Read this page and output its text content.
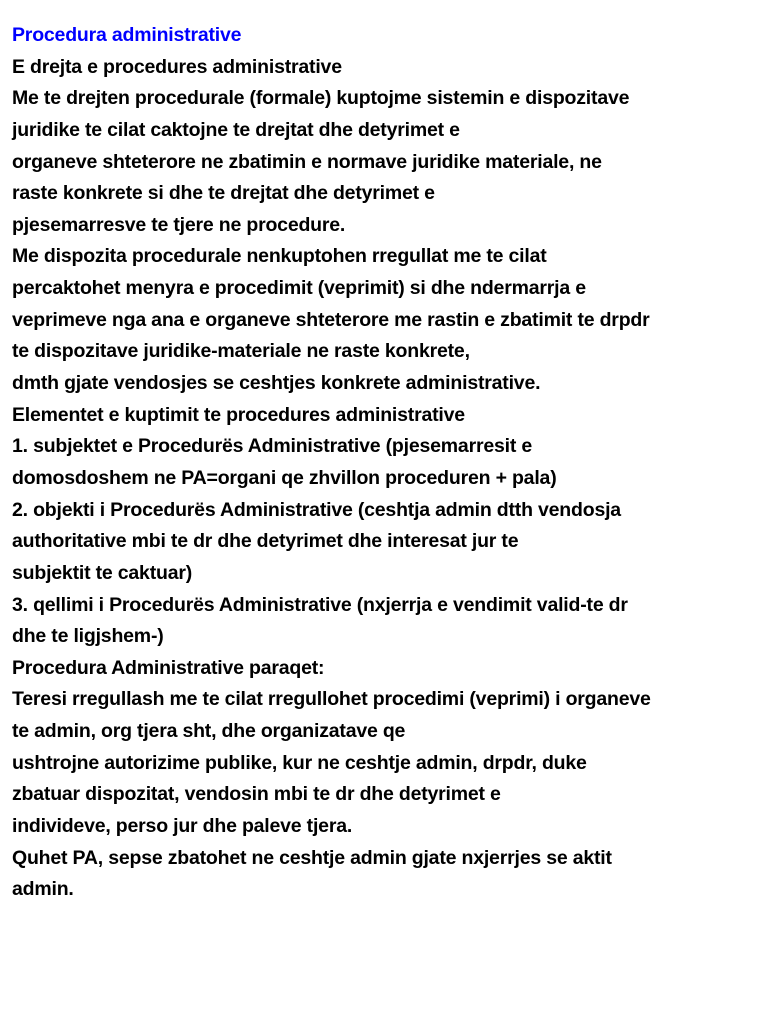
Procedura administrative
E drejta e procedures administrative
Me te drejten procedurale (formale) kuptojme sistemin e dispozitave
juridike te cilat caktojne te drejtat dhe detyrimet e
organeve shteterore ne zbatimin e normave juridike materiale, ne
raste konkrete si dhe te drejtat dhe detyrimet e
pjesemarresve te tjere ne procedure.
Me dispozita procedurale nenkuptohen rregullat me te cilat
percaktohet menyra e procedimit (veprimit) si dhe ndermarrja e
veprimeve nga ana e organeve shteterore me rastin e zbatimit te drpdr
te dispozitave juridike-materiale ne raste konkrete,
dmth gjate vendosjes se ceshtjes konkrete administrative.
Elementet e kuptimit te procedures administrative
1. subjektet e Procedurës Administrative (pjesemarresit e
domosdoshem ne PA=organi qe zhvillon proceduren + pala)
2. objekti i Procedurës Administrative (ceshtja admin dtth vendosja
authoritative mbi te dr dhe detyrimet dhe interesat jur te
subjektit te caktuar)
3. qellimi i Procedurës Administrative (nxjerrja e vendimit valid-te dr
dhe te ligjshem-)
Procedura Administrative paraqet:
Teresi rregullash me te cilat rregullohet procedimi (veprimi) i organeve
te admin, org tjera sht, dhe organizatave qe
ushtrojne autorizime publike, kur ne ceshtje admin, drpdr, duke
zbatuar dispozitat, vendosin mbi te dr dhe detyrimet e
individeve, perso jur dhe paleve tjera.
Quhet PA, sepse zbatohet ne ceshtje admin gjate nxjerrjes se aktit
admin.
